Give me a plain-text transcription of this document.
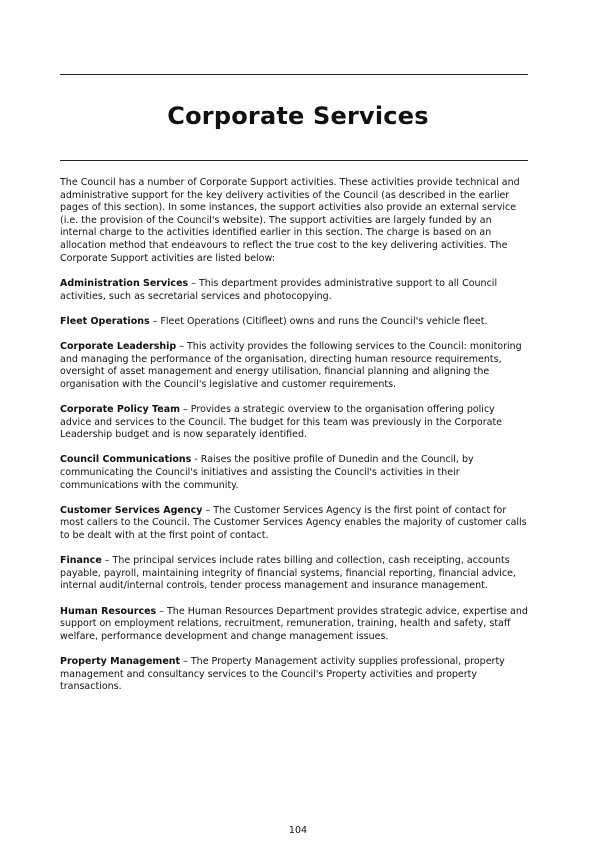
Corporate Services

The Council has a number of Corporate Support activities. These activities provide technical and administrative support for the key delivery activities of the Council (as described in the earlier pages of this section). In some instances, the support activities also provide an external service (i.e. the provision of the Council's website). The support activities are largely funded by an internal charge to the activities identified earlier in this section. The charge is based on an allocation method that endeavours to reflect the true cost to the key delivering activities. The Corporate Support activities are listed below:

Administration Services – This department provides administrative support to all Council activities, such as secretarial services and photocopying.

Fleet Operations – Fleet Operations (Citifleet) owns and runs the Council's vehicle fleet.

Corporate Leadership – This activity provides the following services to the Council: monitoring and managing the performance of the organisation, directing human resource requirements, oversight of asset management and energy utilisation, financial planning and aligning the organisation with the Council's legislative and customer requirements.

Corporate Policy Team – Provides a strategic overview to the organisation offering policy advice and services to the Council. The budget for this team was previously in the Corporate Leadership budget and is now separately identified.

Council Communications - Raises the positive profile of Dunedin and the Council, by communicating the Council's initiatives and assisting the Council's activities in their communications with the community.

Customer Services Agency – The Customer Services Agency is the first point of contact for most callers to the Council. The Customer Services Agency enables the majority of customer calls to be dealt with at the first point of contact.

Finance – The principal services include rates billing and collection, cash receipting, accounts payable, payroll, maintaining integrity of financial systems, financial reporting, financial advice, internal audit/internal controls, tender process management and insurance management.

Human Resources – The Human Resources Department provides strategic advice, expertise and support on employment relations, recruitment, remuneration, training, health and safety, staff welfare, performance development and change management issues.

Property Management – The Property Management activity supplies professional, property management and consultancy services to the Council's Property activities and property transactions.

104
